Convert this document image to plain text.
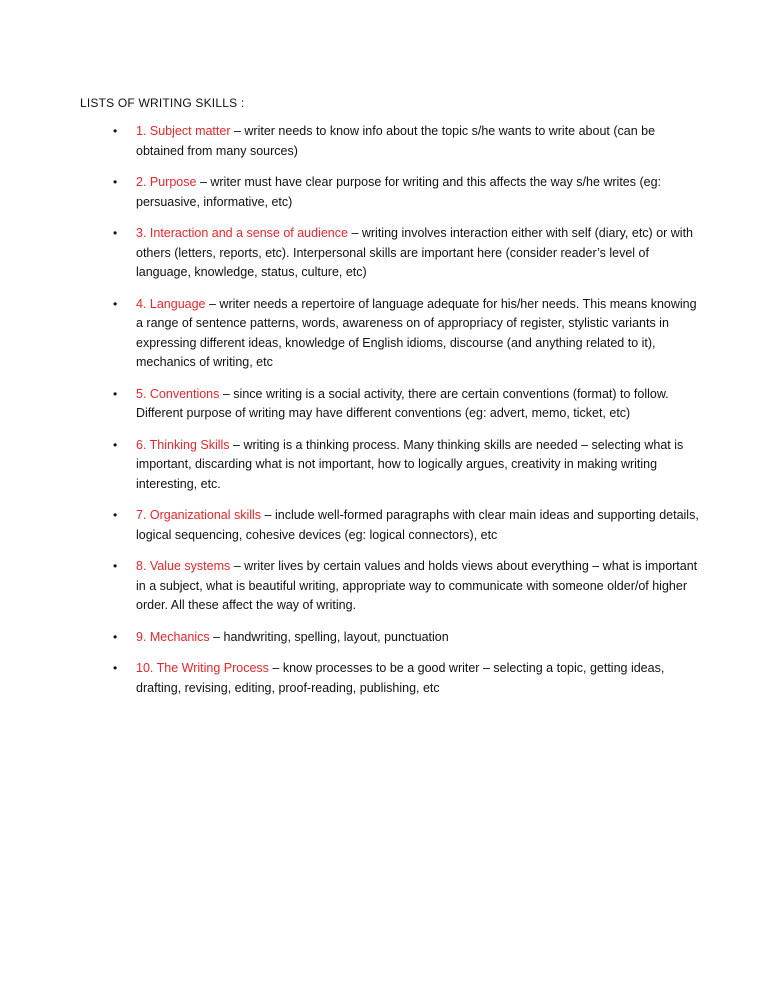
LISTS OF WRITING SKILLS :
• 1. Subject matter – writer needs to know info about the topic s/he wants to write about (can be obtained from many sources)
• 2. Purpose – writer must have clear purpose for writing and this affects the way s/he writes (eg: persuasive, informative, etc)
• 3. Interaction and a sense of audience – writing involves interaction either with self (diary, etc) or with others (letters, reports, etc). Interpersonal skills are important here (consider reader’s level of language, knowledge, status, culture, etc)
• 4. Language – writer needs a repertoire of language adequate for his/her needs. This means knowing a range of sentence patterns, words, awareness on of appropriacy of register, stylistic variants in expressing different ideas, knowledge of English idioms, discourse (and anything related to it), mechanics of writing, etc
• 5. Conventions – since writing is a social activity, there are certain conventions (format) to follow. Different purpose of writing may have different conventions (eg: advert, memo, ticket, etc)
• 6. Thinking Skills – writing is a thinking process. Many thinking skills are needed – selecting what is important, discarding what is not important, how to logically argues, creativity in making writing interesting, etc.
• 7. Organizational skills – include well-formed paragraphs with clear main ideas and supporting details, logical sequencing, cohesive devices (eg: logical connectors), etc
• 8. Value systems – writer lives by certain values and holds views about everything – what is important in a subject, what is beautiful writing, appropriate way to communicate with someone older/of higher order. All these affect the way of writing.
• 9. Mechanics – handwriting, spelling, layout, punctuation
• 10. The Writing Process – know processes to be a good writer – selecting a topic, getting ideas, drafting, revising, editing, proof-reading, publishing, etc
